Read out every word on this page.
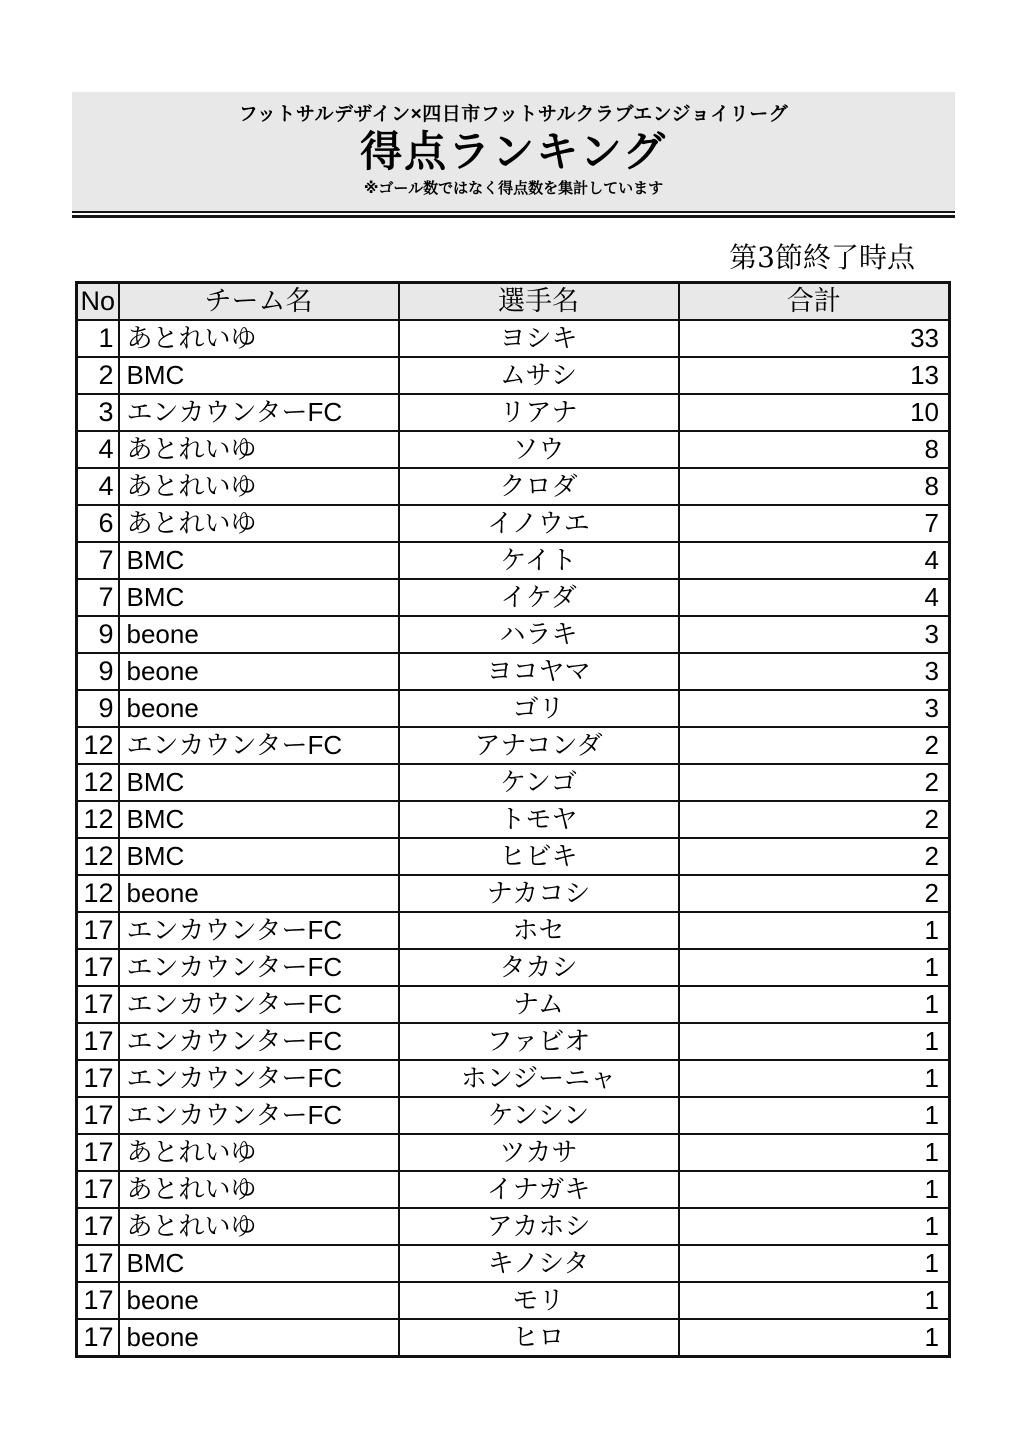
フットサルデザイン×四日市フットサルクラブエンジョイリーグ
得点ランキング
※ゴール数ではなく得点数を集計しています
第3節終了時点
No	チーム名	選手名	合計
1	あとれいゆ	ヨシキ	33
2	BMC	ムサシ	13
3	エンカウンターFC	リアナ	10
4	あとれいゆ	ソウ	8
4	あとれいゆ	クロダ	8
6	あとれいゆ	イノウエ	7
7	BMC	ケイト	4
7	BMC	イケダ	4
9	beone	ハラキ	3
9	beone	ヨコヤマ	3
9	beone	ゴリ	3
12	エンカウンターFC	アナコンダ	2
12	BMC	ケンゴ	2
12	BMC	トモヤ	2
12	BMC	ヒビキ	2
12	beone	ナカコシ	2
17	エンカウンターFC	ホセ	1
17	エンカウンターFC	タカシ	1
17	エンカウンターFC	ナム	1
17	エンカウンターFC	ファビオ	1
17	エンカウンターFC	ホンジーニャ	1
17	エンカウンターFC	ケンシン	1
17	あとれいゆ	ツカサ	1
17	あとれいゆ	イナガキ	1
17	あとれいゆ	アカホシ	1
17	BMC	キノシタ	1
17	beone	モリ	1
17	beone	ヒロ	1
